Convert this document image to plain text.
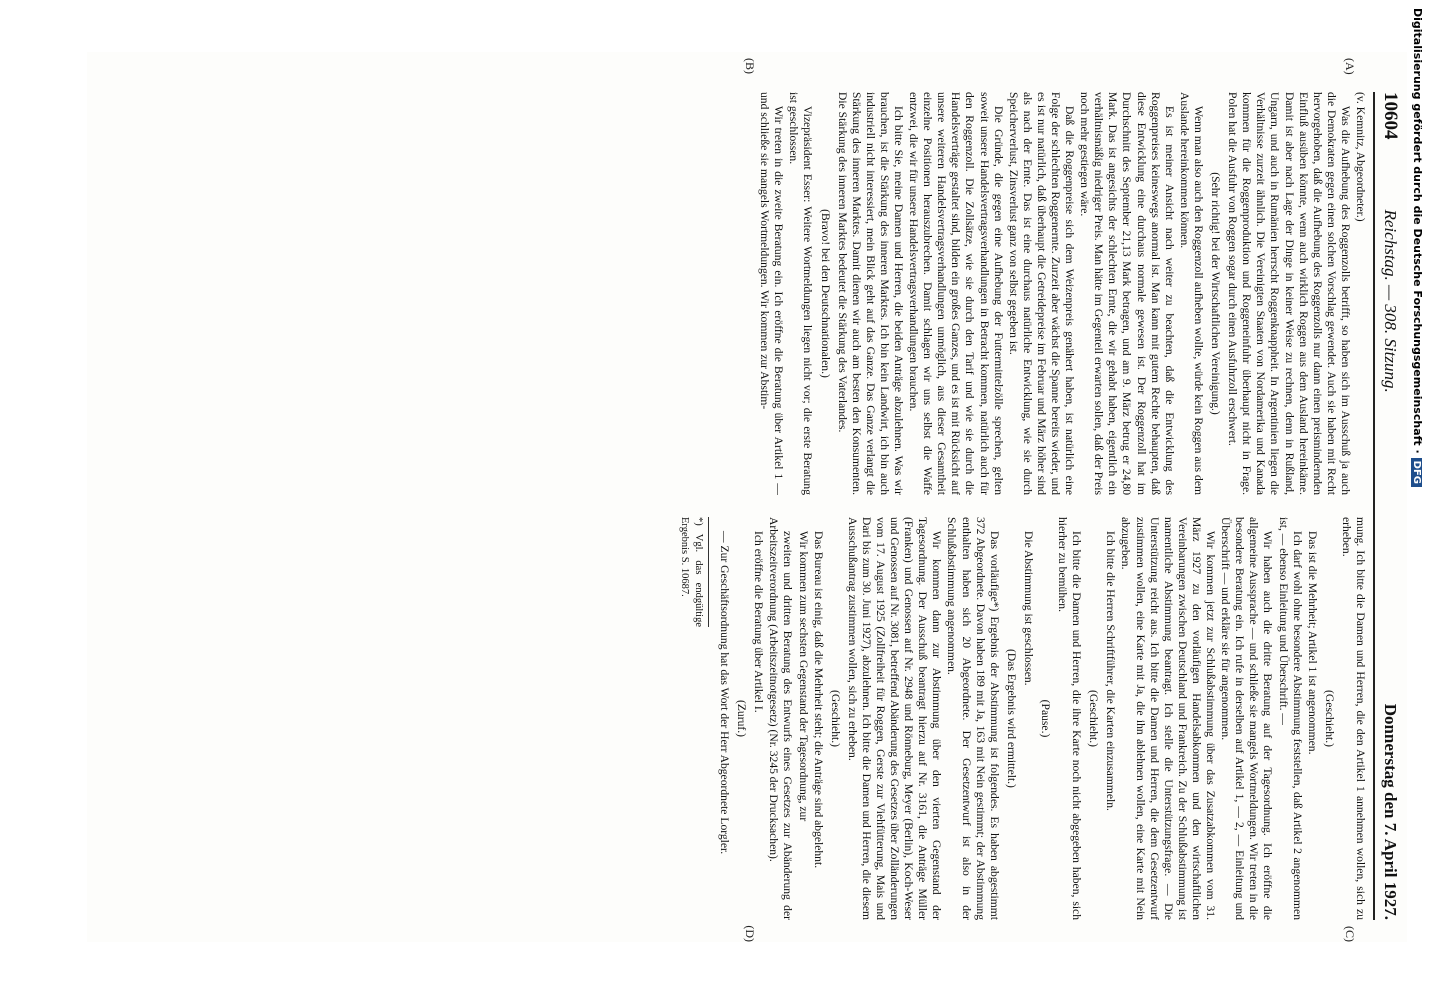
Digitalisierung gefördert durch die Deutsche Forschungsgemeinschaft ·DFG
10604
Reichstag. — 308. Sitzung.
Donnerstag den 7. April 1927.
(A)
(B)
(C)
(D)

(v. Kemnitz, Abgeordneter.)

Was die Aufhebung des Roggenzolls betrifft, so haben sich im Ausschuß ja auch die Demokraten gegen einen solchen Vorschlag gewendet. Auch sie haben mit Recht hervorgehoben, daß die Aufhebung des Roggenzolls nur dann einen preismindernden Einfluß ausüben könnte, wenn auch wirklich Roggen aus dem Ausland hereinkäme. Damit ist aber nach Lage der Dinge in keiner Weise zu rechnen, denn in Rußland, Ungarn, und auch in Rumänien herrscht Roggenknappheit. In Argentinien liegen die Verhältnisse zurzeit ähnlich. Die Vereinigten Staaten von Nordamerika und Kanada kommen für die Roggenproduktion und Roggeneinfuhr überhaupt nicht in Frage. Polen hat die Ausfuhr von Roggen sogar durch einen Ausfuhrzoll erschwert.

(Sehr richtig! bei der Wirtschaftlichen Vereinigung.)

Wenn man also auch den Roggenzoll aufheben wollte, würde kein Roggen aus dem Auslande hereinkommen können.

Es ist meiner Ansicht nach weiter zu beachten, daß die Entwicklung des Roggenpreises keineswegs anormal ist. Man kann mit gutem Rechte behaupten, daß diese Entwicklung eine durchaus normale gewesen ist. Der Roggenzoll hat im Durchschnitt des September 21,13 Mark betragen, und am 9. März betrug er 24,80 Mark. Das ist angesichts der schlechten Ernte, die wir gehabt haben, eigentlich ein verhältnismäßig niedriger Preis. Man hätte im Gegenteil erwarten sollen, daß der Preis noch mehr gestiegen wäre.

Daß die Roggenpreise sich dem Weizenpreis genähert haben, ist natürlich eine Folge der schlechten Roggenernte. Zurzeit aber wächst die Spanne bereits wieder, und es ist nur natürlich, daß überhaupt die Getreidepreise im Februar und März höher sind als nach der Ernte. Das ist eine durchaus natürliche Entwicklung, wie sie durch Speicherverlust, Zinsverlust ganz von selbst gegeben ist.

Die Gründe, die gegen eine Aufhebung der Futtermittelzölle sprechen, gelten soweit unsere Handelsvertragsverhandlungen in Betracht kommen, natürlich auch für den Roggenzoll. Die Zollsätze, wie sie durch den Tarif und wie sie durch die Handelsverträge gestaltet sind, bilden ein großes Ganzes, und es ist mit Rücksicht auf unsere weiteren Handelsvertragsverhandlungen unmöglich, aus dieser Gesamtheit einzelne Positionen herauszubrechen. Damit schlagen wir uns selbst die Waffe entzwei, die wir für unsere Handelsvertragsverhandlungen brauchen.

Ich bitte Sie, meine Damen und Herren, die beiden Anträge abzulehnen. Was wir brauchen, ist die Stärkung des inneren Marktes. Ich bin kein Landwirt, ich bin auch industriell nicht interessiert, mein Blick geht auf das Ganze. Das Ganze verlangt die Stärkung des inneren Marktes. Damit dienen wir auch am besten den Konsumenten. Die Stärkung des inneren Marktes bedeutet die Stärkung des Vaterlandes.

(Bravo! bei den Deutschnationalen.)

Vizepräsident Esser: Weitere Wortmeldungen liegen nicht vor; die erste Beratung ist geschlossen.

Wir treten in die zweite Beratung ein. Ich eröffne die Beratung über Artikel 1 — und schließe sie mangels Wortmeldungen. Wir kommen zur Abstim-

mung. Ich bitte die Damen und Herren, die den Artikel 1 annehmen wollen, sich zu erheben.

(Geschieht.)

Das ist die Mehrheit; Artikel 1 ist angenommen.

Ich darf wohl ohne besondere Abstimmung feststellen, daß Artikel 2 angenommen ist, — ebenso Einleitung und Überschrift. —

Wir haben auch die dritte Beratung auf der Tagesordnung. Ich eröffne die allgemeine Aussprache — und schließe sie mangels Wortmeldungen. Wir treten in die besondere Beratung ein. Ich rufe in derselben auf Artikel 1, — 2, — Einleitung und Überschrift — und erkläre sie für angenommen.

Wir kommen jetzt zur Schlußabstimmung über das Zusatzabkommen vom 31. März 1927 zu den vorläufigen Handelsabkommen und den wirtschaftlichen Vereinbarungen zwischen Deutschland und Frankreich. Zu der Schlußabstimmung ist namentliche Abstimmung beantragt. Ich stelle die Unterstützungsfrage. — Die Unterstützung reicht aus. Ich bitte die Damen und Herren, die dem Gesetzentwurf zustimmen wollen, eine Karte mit Ja, die ihn ablehnen wollen, eine Karte mit Nein abzugeben.

Ich bitte die Herren Schriftführer, die Karten einzusammeln.

(Geschieht.)

Ich bitte die Damen und Herren, die ihre Karte noch nicht abgegeben haben, sich hierher zu bemühen.

(Pause.)

Die Abstimmung ist geschlossen.

(Das Ergebnis wird ermittelt.)

Das vorläufige*) Ergebnis der Abstimmung ist folgendes. Es haben abgestimmt 372 Abgeordnete. Davon haben 189 mit Ja, 163 mit Nein gestimmt; der Abstimmung enthalten haben sich 20 Abgeordnete. Der Gesetzentwurf ist also in der Schlußabstimmung angenommen.

Wir kommen dann zur Abstimmung über den vierten Gegenstand der Tagesordnung. Der Ausschuß beantragt hierzu auf Nr. 3161, die Anträge Müller (Franken) und Genossen auf Nr. 2948 und Rönneburg, Meyer (Berlin), Koch-Weser und Genossen auf Nr. 3081, betreffend Abänderung des Gesetzes über Zolländerungen vom 17. August 1925 (Zollfreiheit für Roggen, Gerste zur Viehfütterung, Mais und Dari bis zum 30. Juni 1927), abzulehnen. Ich bitte die Damen und Herren, die diesem Ausschußantrag zustimmen wollen, sich zu erheben.

(Geschieht.)

Das Bureau ist einig, daß die Mehrheit steht; die Anträge sind abgelehnt.

Wir kommen zum sechsten Gegenstand der Tagesordnung, zur

zweiten und dritten Beratung des Entwurfs eines Gesetzes zur Abänderung der Arbeitszeitverordnung (Arbeitszeitnotgesetz) (Nr. 3245 der Drucksachen).

Ich eröffne die Beratung über Artikel I.

(Zuruf.)

— Zur Geschäftsordnung hat das Wort der Herr Abgeordnete Lorgler.

*) Vgl. das endgültige Ergebnis S. 10687.
